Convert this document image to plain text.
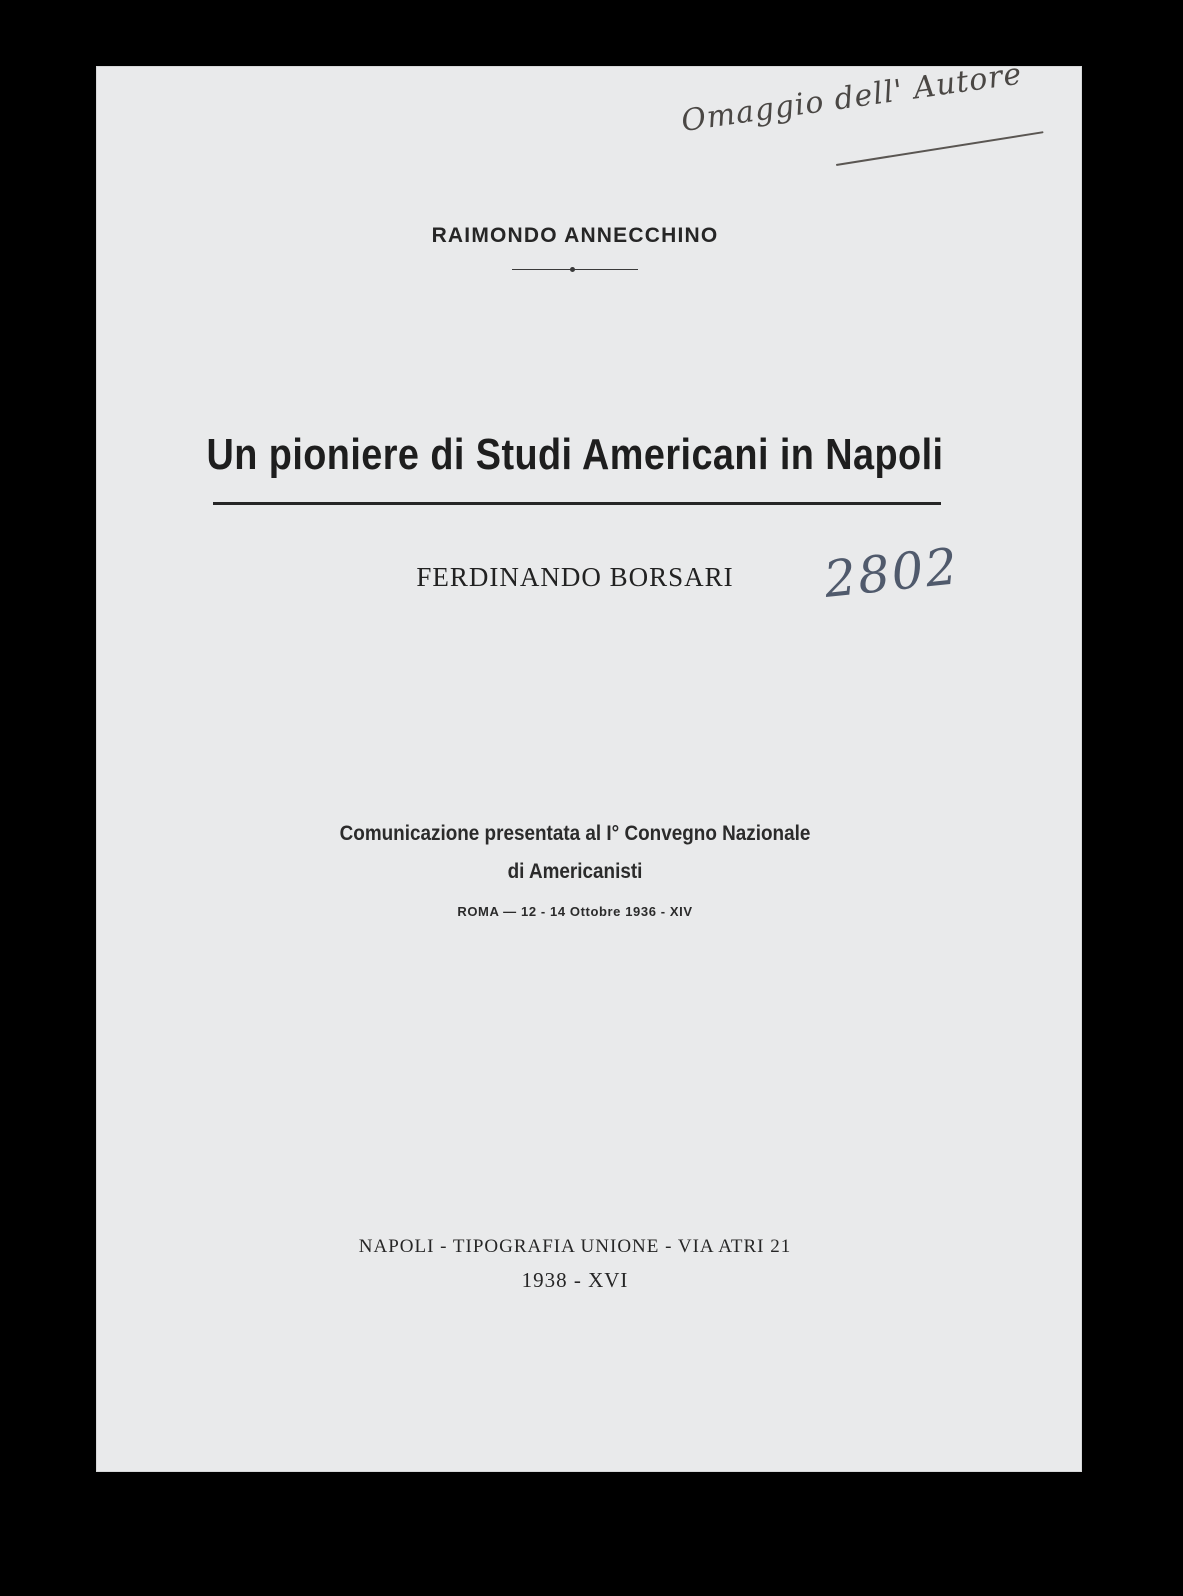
Omaggio dell' Autore
RAIMONDO ANNECCHINO
Un pioniere di Studi Americani in Napoli
FERDINANDO BORSARI	2802
Comunicazione presentata al I° Convegno Nazionale
di Americanisti
ROMA — 12 - 14 Ottobre 1936 - XIV
NAPOLI - TIPOGRAFIA UNIONE - VIA ATRI 21
1938 - XVI
